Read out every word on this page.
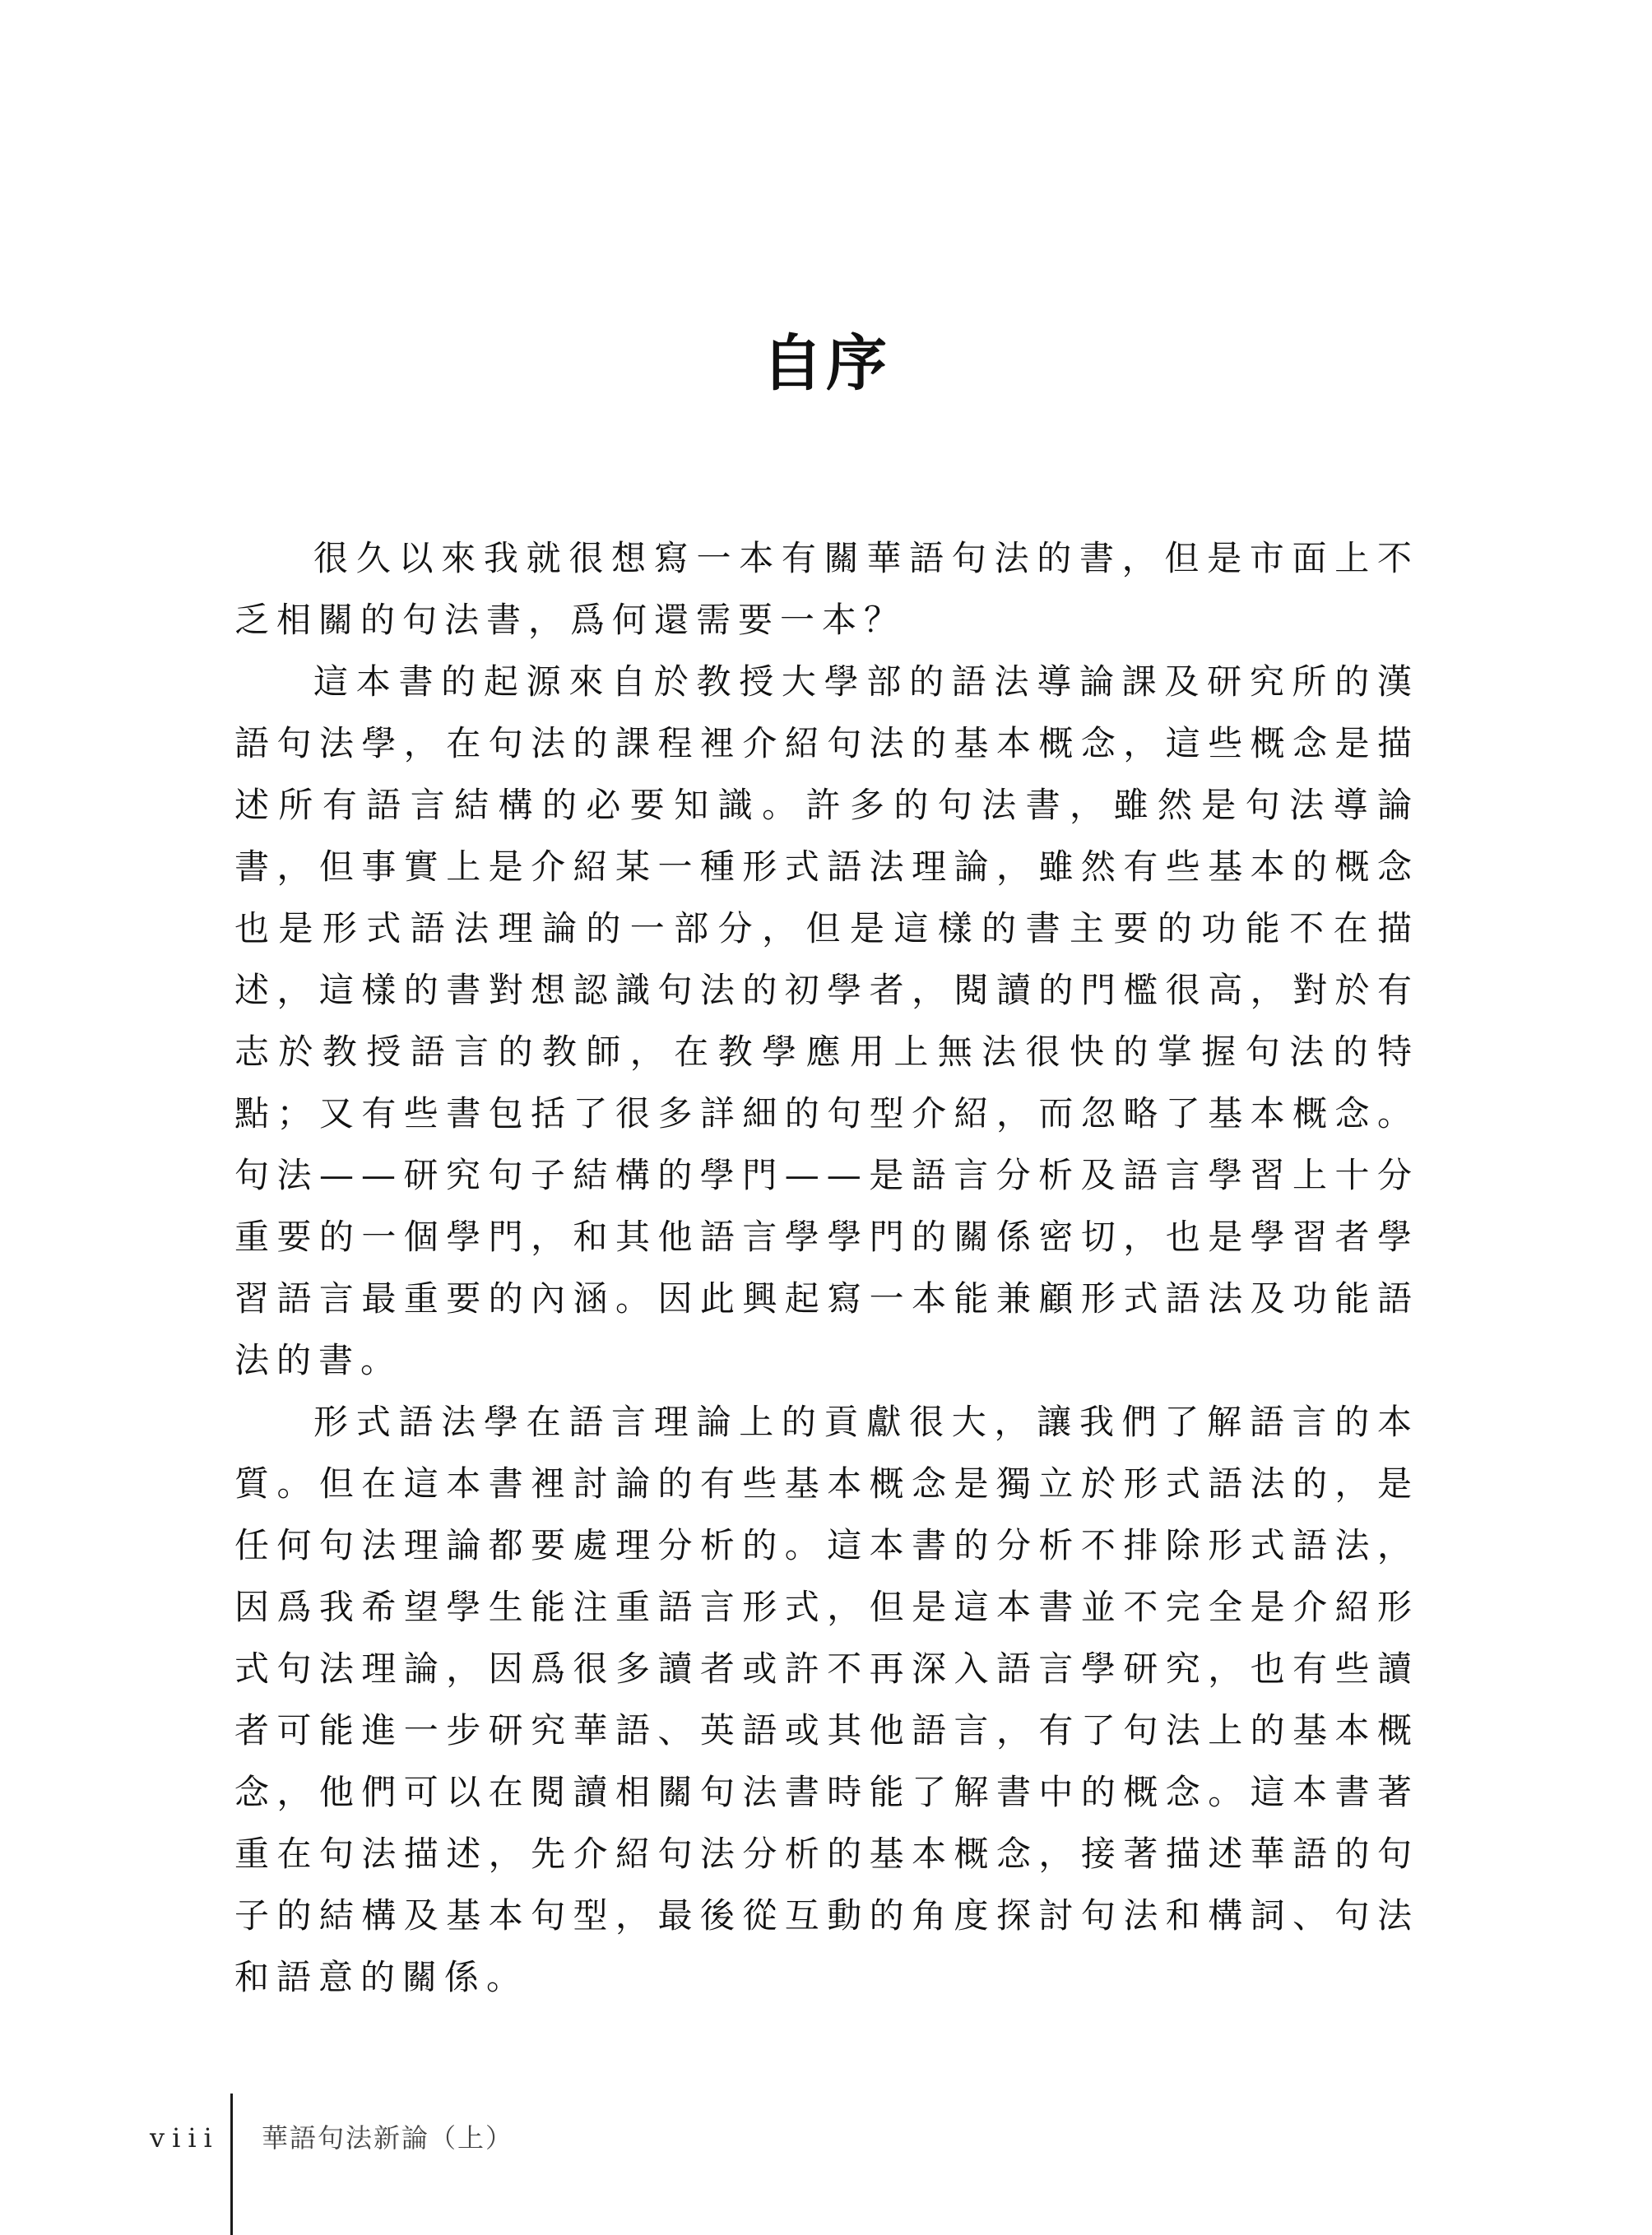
自序

很久以來我就很想寫一本有關華語句法的書，但是市面上不乏相關的句法書，爲何還需要一本？

這本書的起源來自於教授大學部的語法導論課及研究所的漢語句法學，在句法的課程裡介紹句法的基本概念，這些概念是描述所有語言結構的必要知識。許多的句法書，雖然是句法導論書，但事實上是介紹某一種形式語法理論，雖然有些基本的概念也是形式語法理論的一部分，但是這樣的書主要的功能不在描述，這樣的書對想認識句法的初學者，閱讀的門檻很高，對於有志於教授語言的教師，在教學應用上無法很快的掌握句法的特點；又有些書包括了很多詳細的句型介紹，而忽略了基本概念。句法——研究句子結構的學門——是語言分析及語言學習上十分重要的一個學門，和其他語言學學門的關係密切，也是學習者學習語言最重要的內涵。因此興起寫一本能兼顧形式語法及功能語法的書。

形式語法學在語言理論上的貢獻很大，讓我們了解語言的本質。但在這本書裡討論的有些基本概念是獨立於形式語法的，是任何句法理論都要處理分析的。這本書的分析不排除形式語法，因爲我希望學生能注重語言形式，但是這本書並不完全是介紹形式句法理論，因爲很多讀者或許不再深入語言學研究，也有些讀者可能進一步研究華語、英語或其他語言，有了句法上的基本概念，他們可以在閱讀相關句法書時能了解書中的概念。這本書著重在句法描述，先介紹句法分析的基本概念，接著描述華語的句子的結構及基本句型，最後從互動的角度探討句法和構詞、句法和語意的關係。

viii 華語句法新論（上）
